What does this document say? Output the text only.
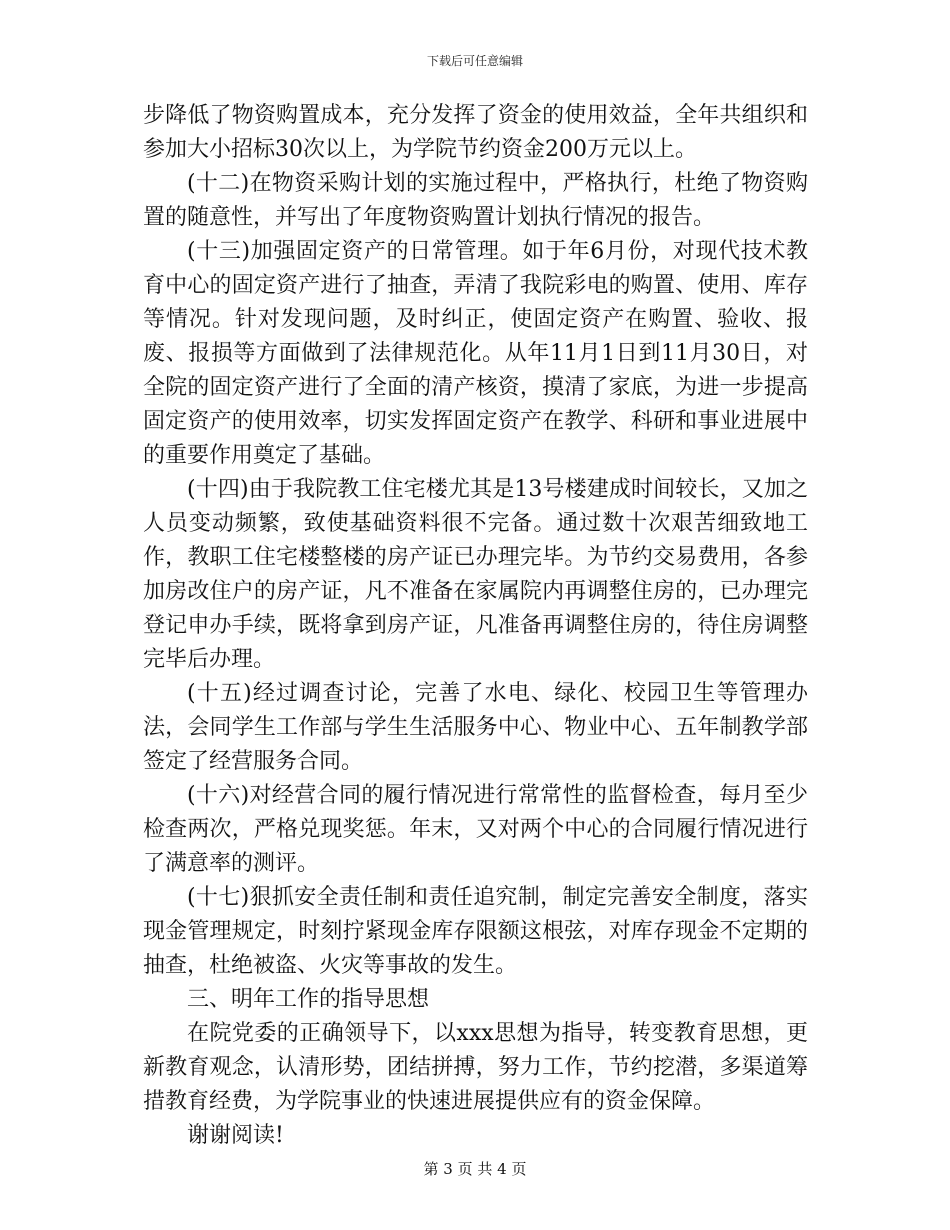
下载后可任意编辑

步降低了物资购置成本，充分发挥了资金的使用效益，全年共组织和参加大小招标30次以上，为学院节约资金200万元以上。

(十二)在物资采购计划的实施过程中，严格执行，杜绝了物资购置的随意性，并写出了年度物资购置计划执行情况的报告。

(十三)加强固定资产的日常管理。如于年6月份，对现代技术教育中心的固定资产进行了抽查，弄清了我院彩电的购置、使用、库存等情况。针对发现问题，及时纠正，使固定资产在购置、验收、报废、报损等方面做到了法律规范化。从年11月1日到11月30日，对全院的固定资产进行了全面的清产核资，摸清了家底，为进一步提高固定资产的使用效率，切实发挥固定资产在教学、科研和事业进展中的重要作用奠定了基础。

(十四)由于我院教工住宅楼尤其是13号楼建成时间较长，又加之人员变动频繁，致使基础资料很不完备。通过数十次艰苦细致地工作，教职工住宅楼整楼的房产证已办理完毕。为节约交易费用，各参加房改住户的房产证，凡不准备在家属院内再调整住房的，已办理完登记申办手续，既将拿到房产证，凡准备再调整住房的，待住房调整完毕后办理。

(十五)经过调查讨论，完善了水电、绿化、校园卫生等管理办法，会同学生工作部与学生生活服务中心、物业中心、五年制教学部签定了经营服务合同。

(十六)对经营合同的履行情况进行常常性的监督检查，每月至少检查两次，严格兑现奖惩。年末，又对两个中心的合同履行情况进行了满意率的测评。

(十七)狠抓安全责任制和责任追究制，制定完善安全制度，落实现金管理规定，时刻拧紧现金库存限额这根弦，对库存现金不定期的抽查，杜绝被盗、火灾等事故的发生。

三、明年工作的指导思想

在院党委的正确领导下，以xxx思想为指导，转变教育思想，更新教育观念，认清形势，团结拼搏，努力工作，节约挖潜，多渠道筹措教育经费，为学院事业的快速进展提供应有的资金保障。

谢谢阅读!

第 3 页 共 4 页
